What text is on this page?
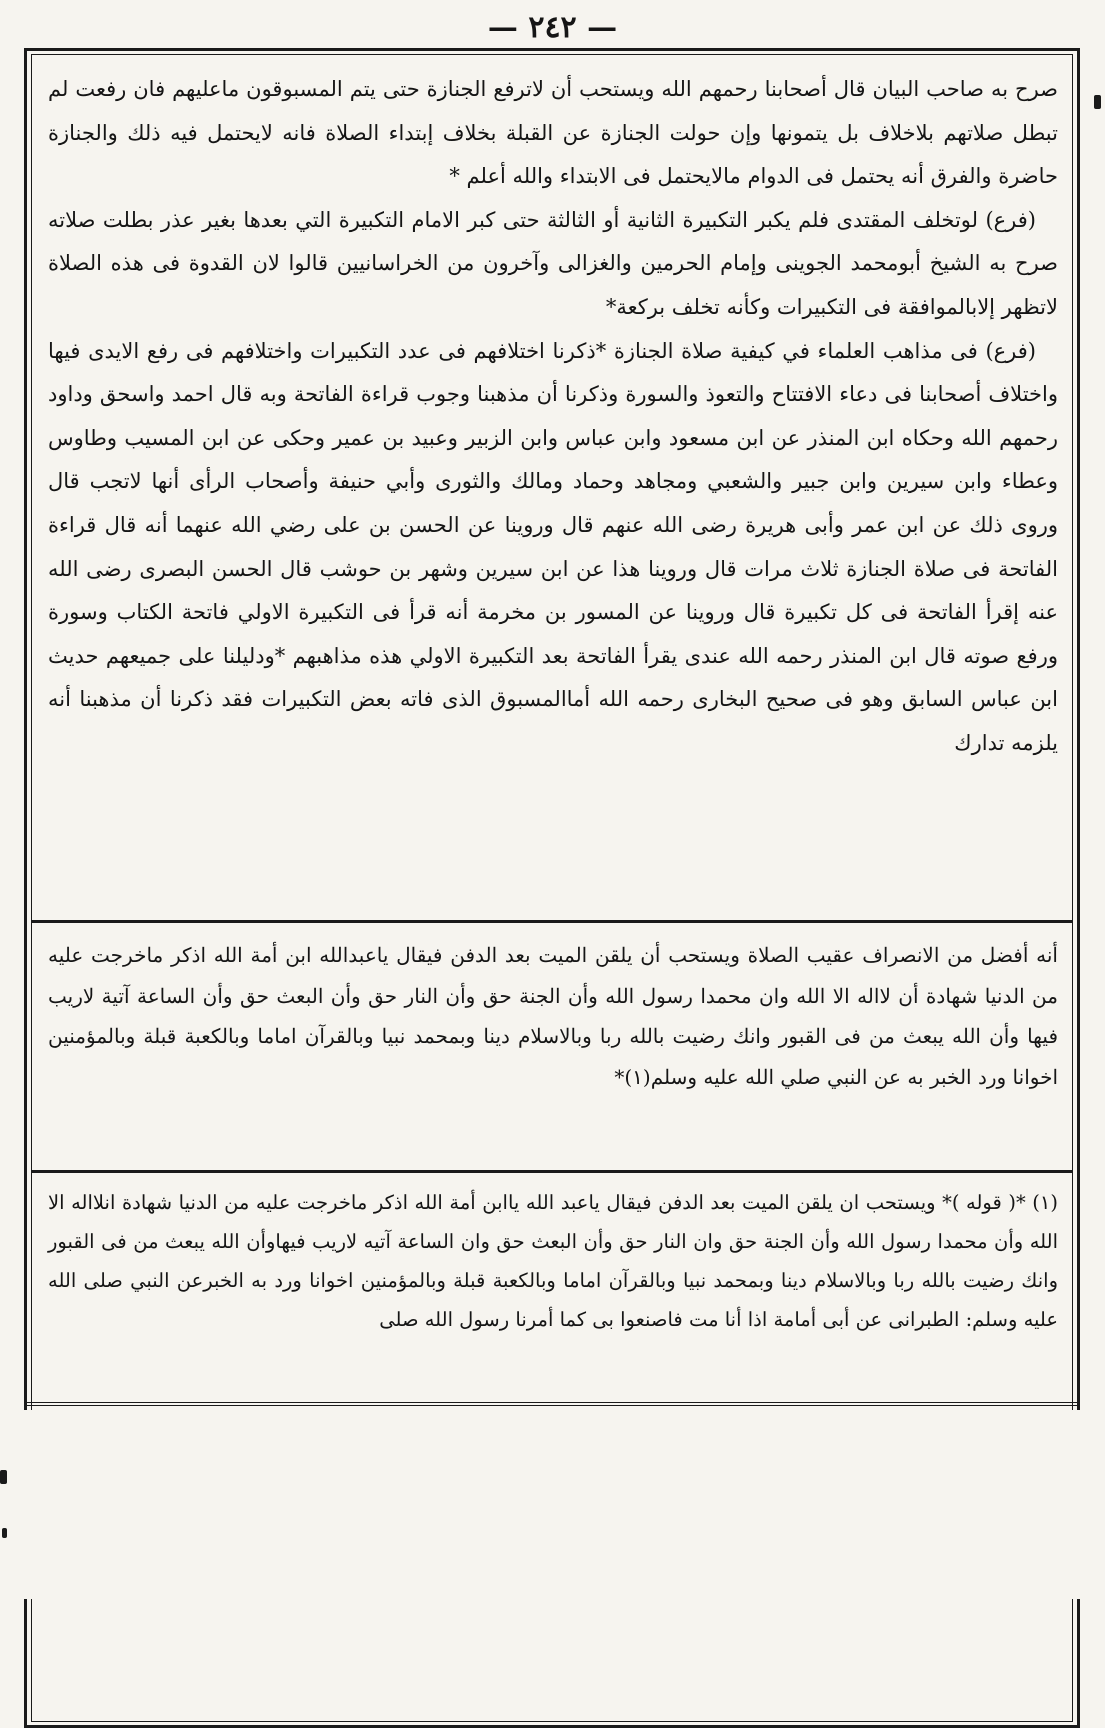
— ٢٤٢ —

صرح به صاحب البيان قال أصحابنا رحمهم الله ويستحب أن لاترفع الجنازة حتى يتم المسبوقون ماعليهم فان رفعت لم تبطل صلاتهم بلاخلاف بل يتمونها وإن حولت الجنازة عن القبلة بخلاف إبتداء الصلاة فانه لايحتمل فيه ذلك والجنازة حاضرة والفرق أنه يحتمل فى الدوام مالايحتمل فى الابتداء والله أعلم *

(فرع) لوتخلف المقتدى فلم يكبر التكبيرة الثانية أو الثالثة حتى كبر الامام التكبيرة التي بعدها بغير عذر بطلت صلاته صرح به الشيخ أبومحمد الجوينى وإمام الحرمين والغزالى وآخرون من الخراسانيين قالوا لان القدوة فى هذه الصلاة لاتظهر إلابالموافقة فى التكبيرات وكأنه تخلف بركعة*

(فرع) فى مذاهب العلماء في كيفية صلاة الجنازة *ذكرنا اختلافهم فى عدد التكبيرات واختلافهم فى رفع الايدى فيها واختلاف أصحابنا فى دعاء الافتتاح والتعوذ والسورة وذكرنا أن مذهبنا وجوب قراءة الفاتحة وبه قال احمد واسحق وداود رحمهم الله وحكاه ابن المنذر عن ابن مسعود وابن عباس وابن الزبير وعبيد بن عمير وحكى عن ابن المسيب وطاوس وعطاء وابن سيرين وابن جبير والشعبي ومجاهد وحماد ومالك والثورى وأبي حنيفة وأصحاب الرأى أنها لاتجب قال وروى ذلك عن ابن عمر وأبى هريرة رضى الله عنهم قال وروينا عن الحسن بن على رضي الله عنهما أنه قال قراءة الفاتحة فى صلاة الجنازة ثلاث مرات قال وروينا هذا عن ابن سيرين وشهر بن حوشب قال الحسن البصرى رضى الله عنه إقرأ الفاتحة فى كل تكبيرة قال وروينا عن المسور بن مخرمة أنه قرأ فى التكبيرة الاولي فاتحة الكتاب وسورة ورفع صوته قال ابن المنذر رحمه الله عندى يقرأ الفاتحة بعد التكبيرة الاولي هذه مذاهبهم *ودليلنا على جميعهم حديث ابن عباس السابق وهو فى صحيح البخارى رحمه الله أماالمسبوق الذى فاته بعض التكبيرات فقد ذكرنا أن مذهبنا أنه يلزمه تدارك

أنه أفضل من الانصراف عقيب الصلاة ويستحب أن يلقن الميت بعد الدفن فيقال ياعبدالله ابن أمة الله اذكر ماخرجت عليه من الدنيا شهادة أن لااله الا الله وان محمدا رسول الله وأن الجنة حق وأن النار حق وأن البعث حق وأن الساعة آتية لاريب فيها وأن الله يبعث من فى القبور وانك رضيت بالله ربا وبالاسلام دينا وبمحمد نبيا وبالقرآن اماما وبالكعبة قبلة وبالمؤمنين اخوانا ورد الخبر به عن النبي صلي الله عليه وسلم(١)*

(١) *( قوله )* ويستحب ان يلقن الميت بعد الدفن فيقال ياعبد الله ياابن أمة الله اذكر ماخرجت عليه من الدنيا شهادة انلااله الا الله وأن محمدا رسول الله وأن الجنة حق وان النار حق وأن البعث حق وان الساعة آتيه لاريب فيهاوأن الله يبعث من فى القبور وانك رضيت بالله ربا وبالاسلام دينا وبمحمد نبيا وبالقرآن اماما وبالكعبة قبلة وبالمؤمنين اخوانا ورد به الخبرعن النبي صلى الله عليه وسلم: الطبرانى عن أبى أمامة اذا أنا مت فاصنعوا بى كما أمرنا رسول الله صلى
